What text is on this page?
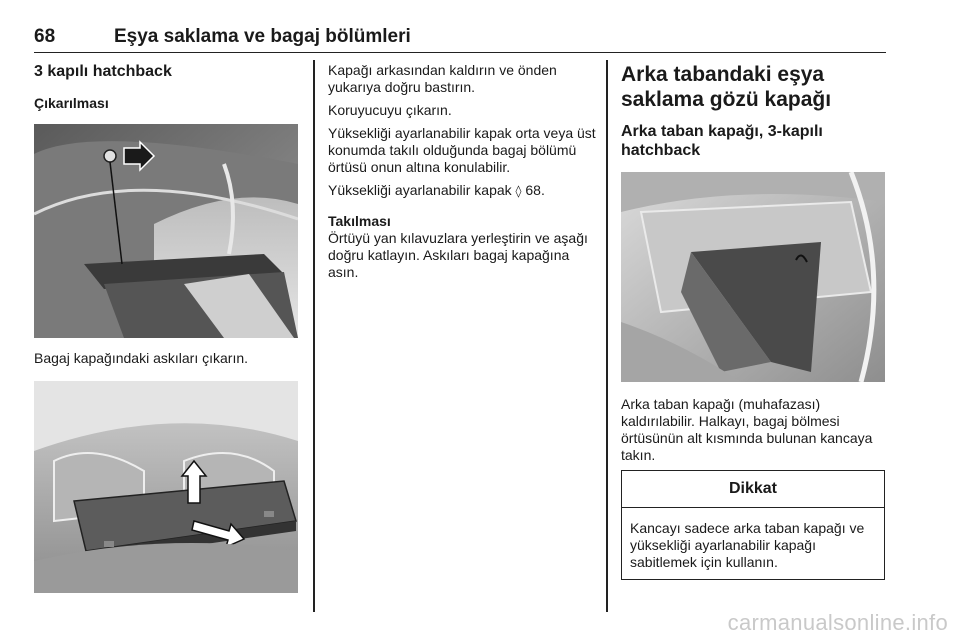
68	Eşya saklama ve bagaj bölümleri
3 kapılı hatchback
Çıkarılması
Bagaj kapağındaki askıları çıkarın.
Kapağı arkasından kaldırın ve önden yukarıya doğru bastırın.
Koruyucuyu çıkarın.
Yüksekliği ayarlanabilir kapak orta veya üst konumda takılı olduğunda bagaj bölümü örtüsü onun altına konulabilir.
Yüksekliği ayarlanabilir kapak ◊ 68.
Takılması
Örtüyü yan kılavuzlara yerleştirin ve aşağı doğru katlayın. Askıları bagaj kapağına asın.
Arka tabandaki eşya saklama gözü kapağı
Arka taban kapağı, 3-kapılı hatchback
Arka taban kapağı (muhafazası) kaldırılabilir. Halkayı, bagaj bölmesi örtüsünün alt kısmında bulunan kancaya takın.
Dikkat
Kancayı sadece arka taban kapağı ve yüksekliği ayarlanabilir kapağı sabitlemek için kullanın.
carmanualsonline.info
